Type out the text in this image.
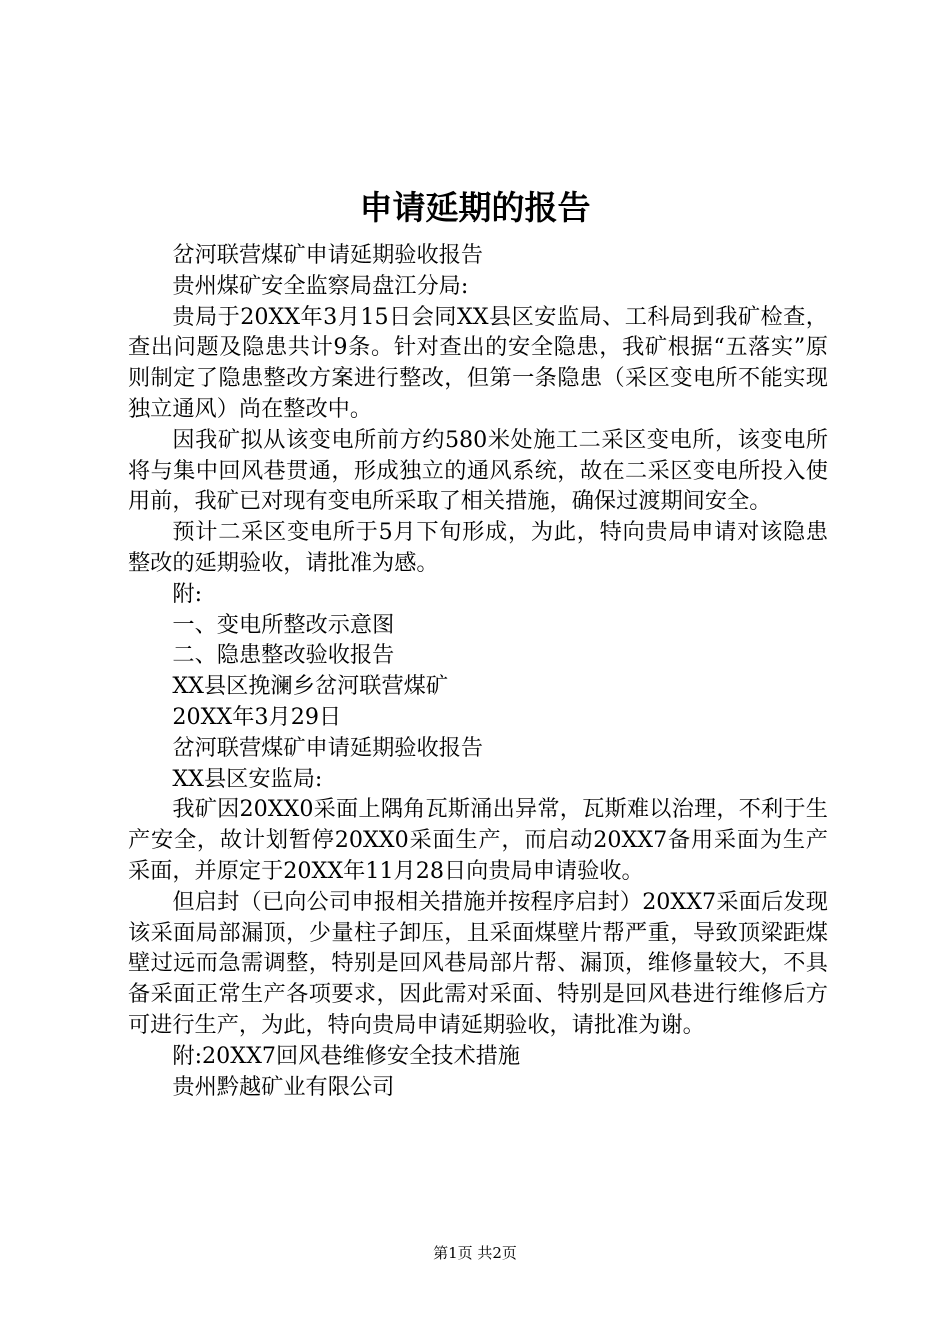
申请延期的报告

岔河联营煤矿申请延期验收报告

贵州煤矿安全监察局盘江分局:

贵局于20XX年3月15日会同XX县区安监局、工科局到我矿检查，查出问题及隐患共计9条。针对查出的安全隐患，我矿根据“五落实”原则制定了隐患整改方案进行整改，但第一条隐患（采区变电所不能实现独立通风）尚在整改中。

因我矿拟从该变电所前方约580米处施工二采区变电所，该变电所将与集中回风巷贯通，形成独立的通风系统，故在二采区变电所投入使用前，我矿已对现有变电所采取了相关措施，确保过渡期间安全。

预计二采区变电所于5月下旬形成，为此，特向贵局申请对该隐患整改的延期验收，请批准为感。

附:

一、变电所整改示意图

二、隐患整改验收报告

XX县区挽澜乡岔河联营煤矿

20XX年3月29日

岔河联营煤矿申请延期验收报告

XX县区安监局:

我矿因20XX0采面上隅角瓦斯涌出异常，瓦斯难以治理，不利于生产安全，故计划暂停20XX0采面生产，而启动20XX7备用采面为生产采面，并原定于20XX年11月28日向贵局申请验收。

但启封（已向公司申报相关措施并按程序启封）20XX7采面后发现该采面局部漏顶，少量柱子卸压，且采面煤壁片帮严重，导致顶梁距煤壁过远而急需调整，特别是回风巷局部片帮、漏顶，维修量较大，不具备采面正常生产各项要求，因此需对采面、特别是回风巷进行维修后方可进行生产，为此，特向贵局申请延期验收，请批准为谢。

附:20XX7回风巷维修安全技术措施

贵州黔越矿业有限公司

第1页 共2页
